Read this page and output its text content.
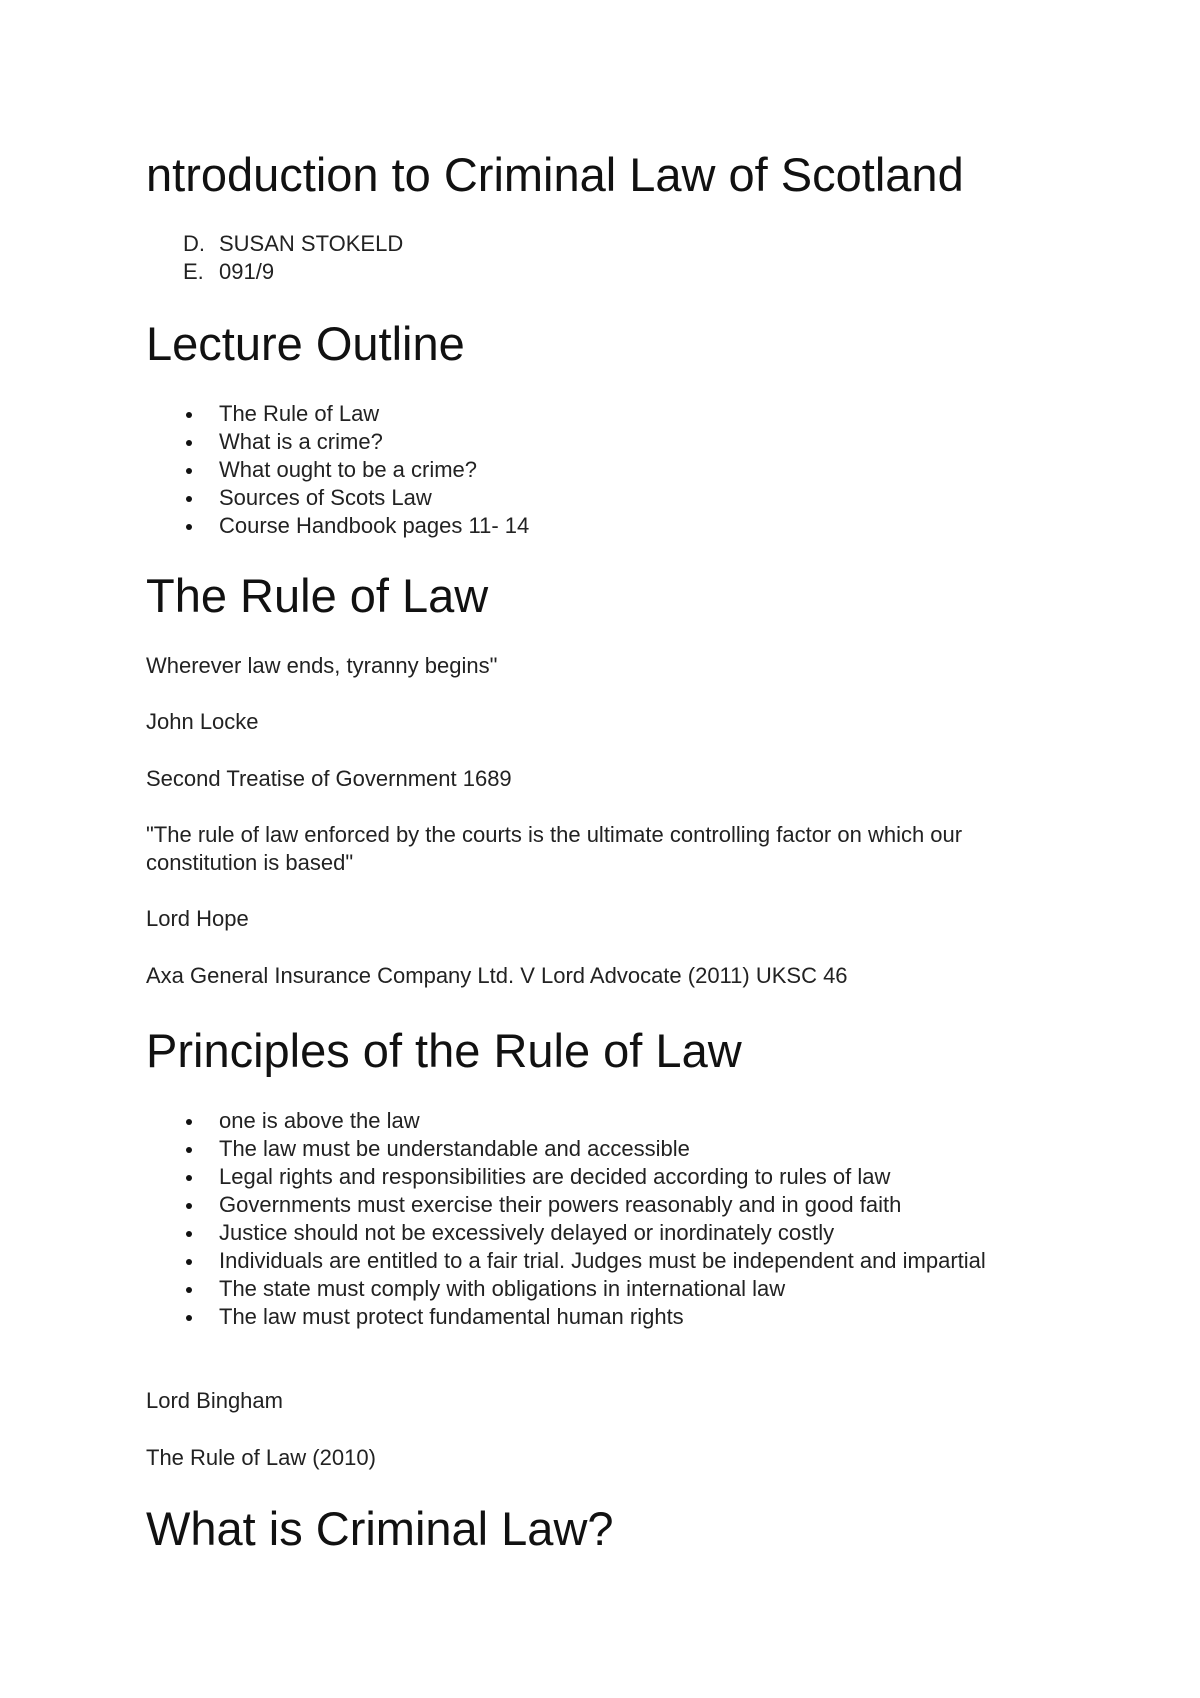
ntroduction to Criminal Law of Scotland
D. SUSAN STOKELD
E. 091/9
Lecture Outline
The Rule of Law
What is a crime?
What ought to be a crime?
Sources of Scots Law
Course Handbook pages 11- 14
The Rule of Law

Wherever law ends, tyranny begins"

John Locke

Second Treatise of Government 1689

"The rule of law enforced by the courts is the ultimate controlling factor on which our constitution is based"

Lord Hope

Axa General Insurance Company Ltd. V Lord Advocate (2011) UKSC 46

Principles of the Rule of Law
one is above the law
The law must be understandable and accessible
Legal rights and responsibilities are decided according to rules of law
Governments must exercise their powers reasonably and in good faith
Justice should not be excessively delayed or inordinately costly
Individuals are entitled to a fair trial. Judges must be independent and impartial
The state must comply with obligations in international law
The law must protect fundamental human rights

Lord Bingham

The Rule of Law (2010)

What is Criminal Law?
